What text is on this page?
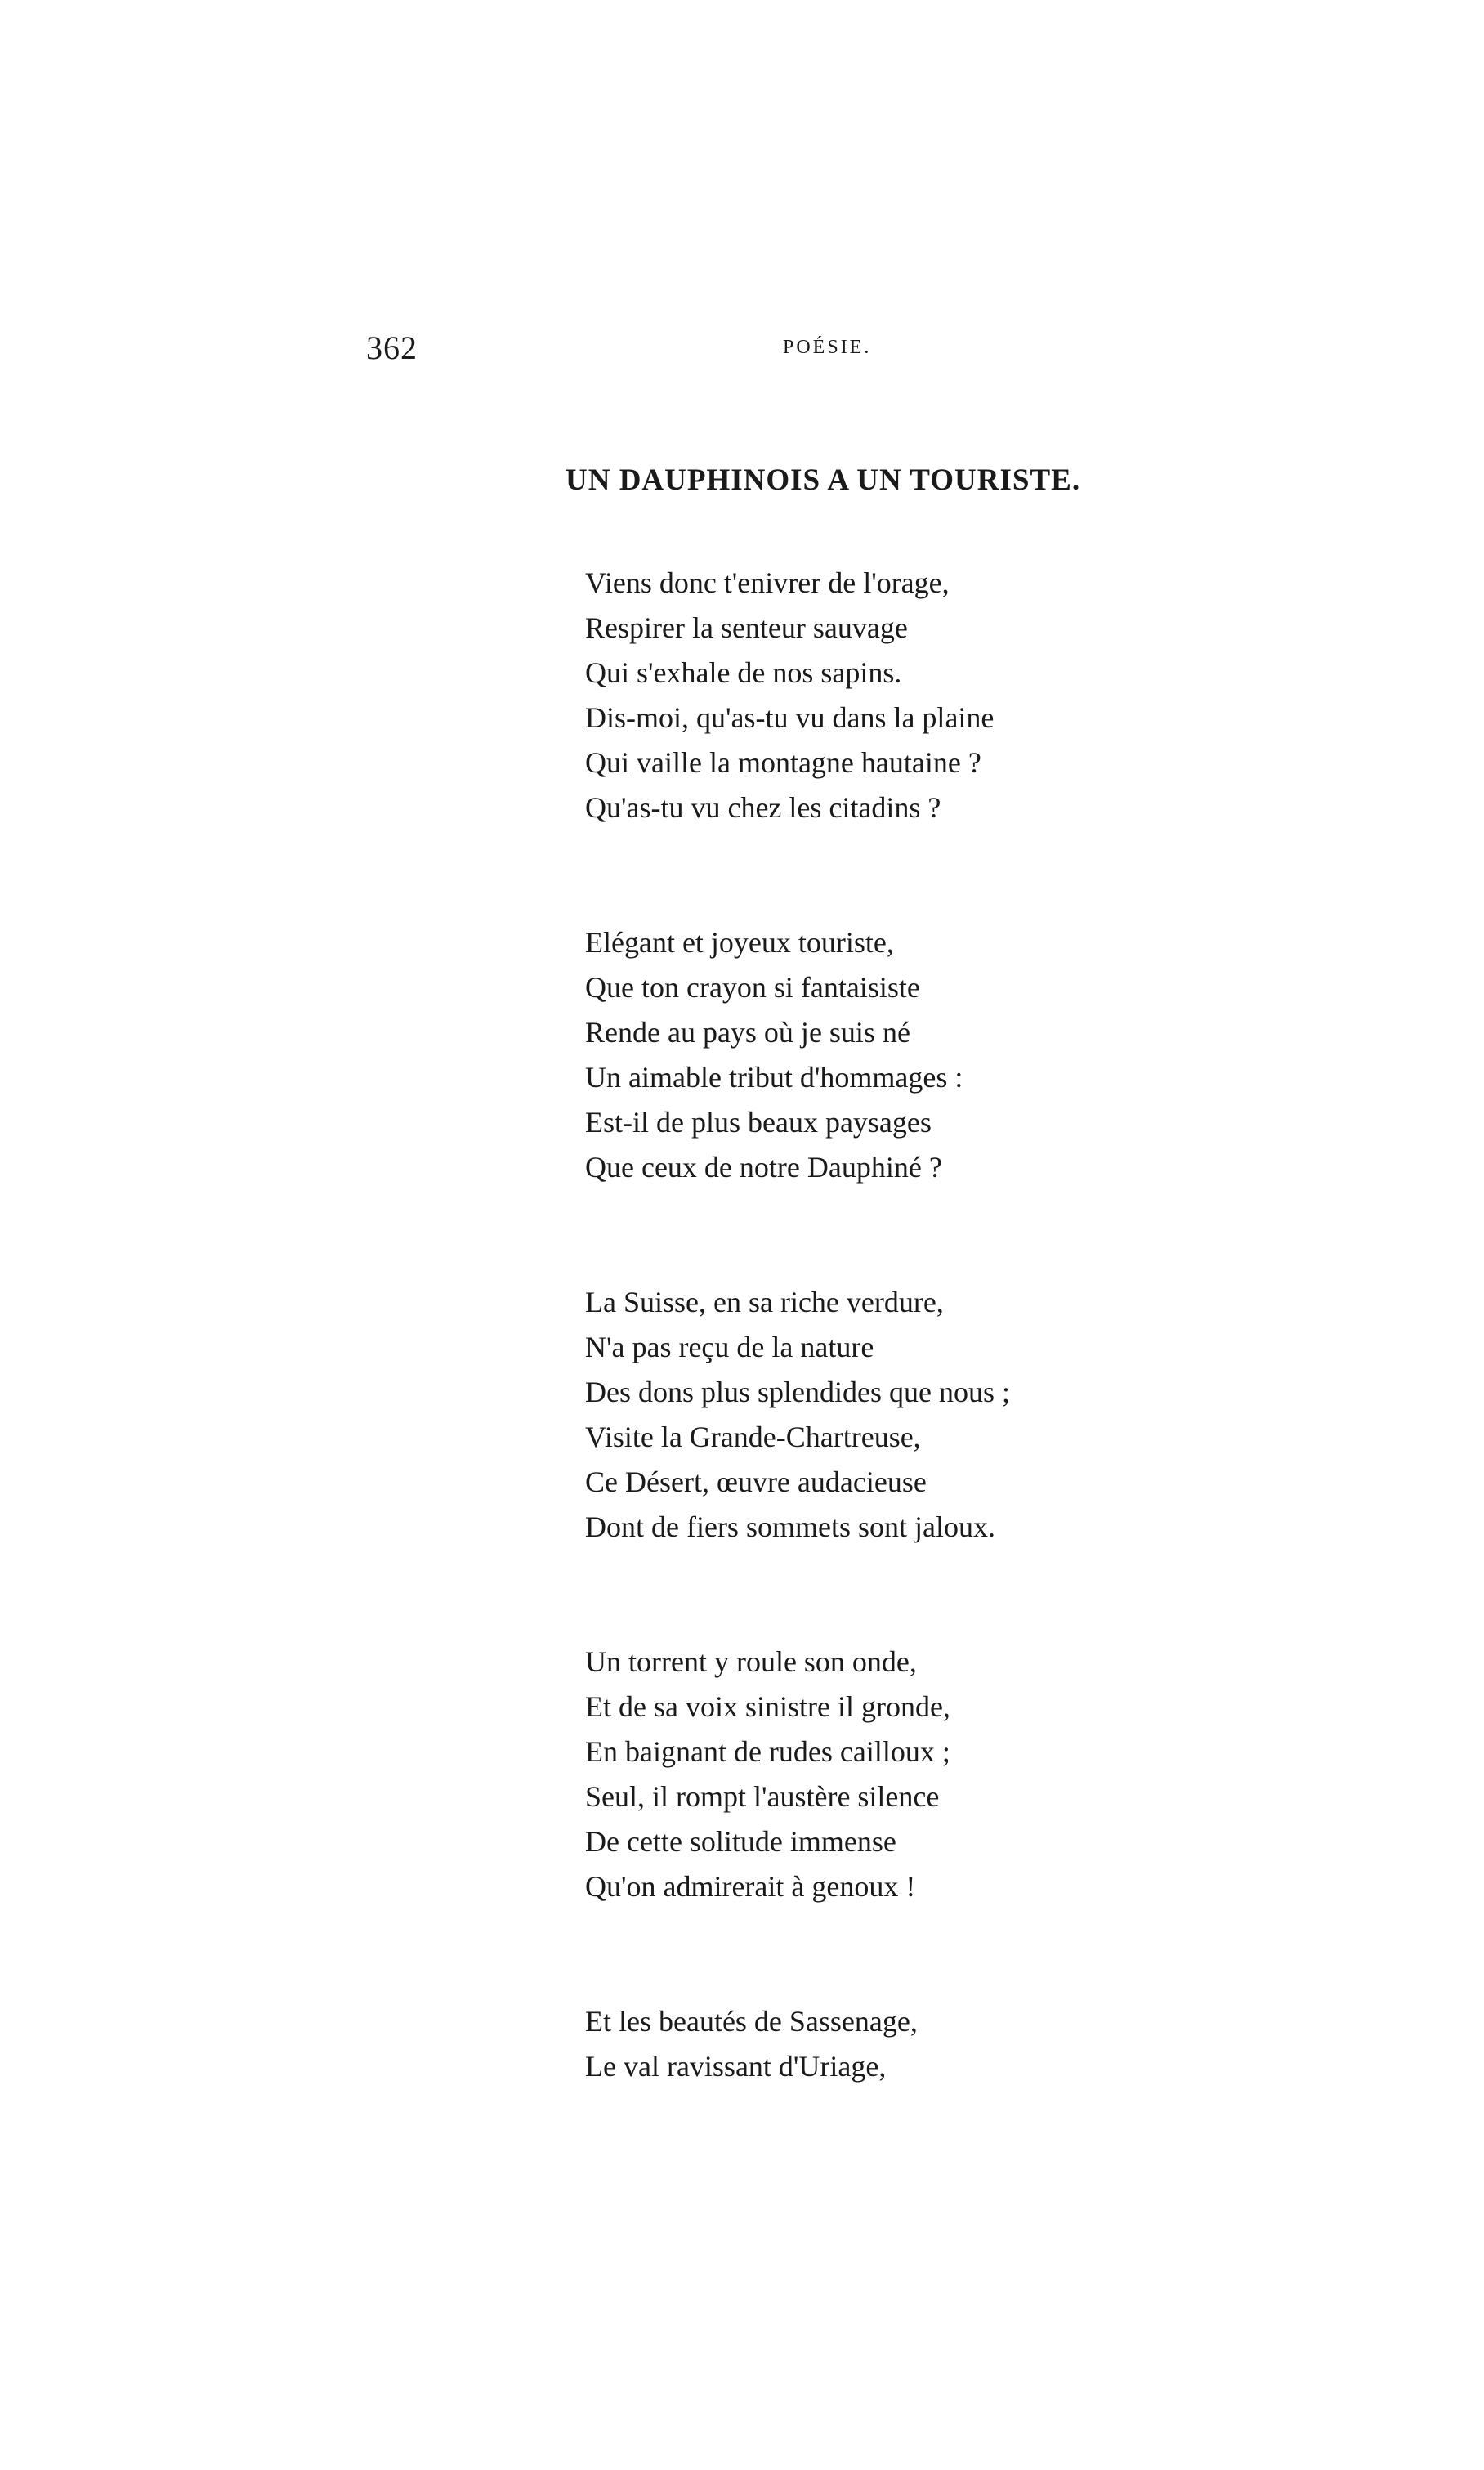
362	POÉSIE.
UN DAUPHINOIS A UN TOURISTE.
Viens donc t'enivrer de l'orage,
Respirer la senteur sauvage
Qui s'exhale de nos sapins.
Dis-moi, qu'as-tu vu dans la plaine
Qui vaille la montagne hautaine ?
Qu'as-tu vu chez les citadins ?
Elégant et joyeux touriste,
Que ton crayon si fantaisiste
Rende au pays où je suis né
Un aimable tribut d'hommages :
Est-il de plus beaux paysages
Que ceux de notre Dauphiné ?
La Suisse, en sa riche verdure,
N'a pas reçu de la nature
Des dons plus splendides que nous ;
Visite la Grande-Chartreuse,
Ce Désert, œuvre audacieuse
Dont de fiers sommets sont jaloux.
Un torrent y roule son onde,
Et de sa voix sinistre il gronde,
En baignant de rudes cailloux ;
Seul, il rompt l'austère silence
De cette solitude immense
Qu'on admirerait à genoux !
Et les beautés de Sassenage,
Le val ravissant d'Uriage,
